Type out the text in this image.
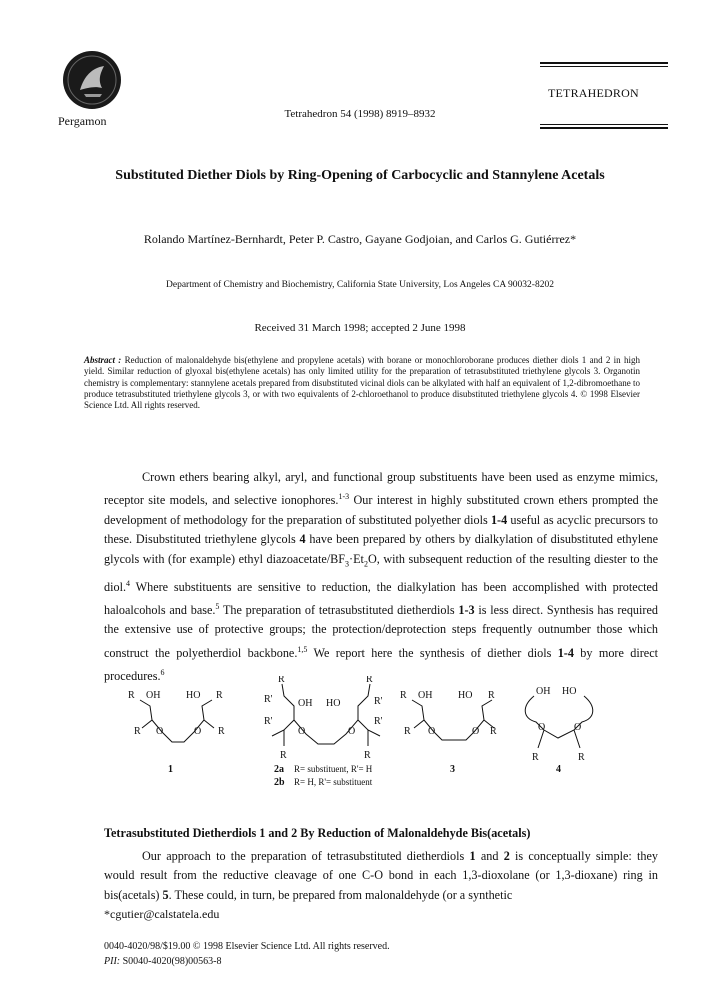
Pergamon	Tetrahedron 54 (1998) 8919–8932
TETRAHEDRON
Substituted Diether Diols by Ring-Opening of Carbocyclic and Stannylene Acetals
Rolando Martínez-Bernhardt, Peter P. Castro, Gayane Godjoian, and Carlos G. Gutiérrez*
Department of Chemistry and Biochemistry, California State University, Los Angeles CA 90032-8202
Received 31 March 1998; accepted 2 June 1998
Abstract : Reduction of malonaldehyde bis(ethylene and propylene acetals) with borane or monochloroborane produces diether diols 1 and 2 in high yield. Similar reduction of glyoxal bis(ethylene acetals) has only limited utility for the preparation of tetrasubstituted triethylene glycols 3. Organotin chemistry is complementary: stannylene acetals prepared from disubstituted vicinal diols can be alkylated with half an equivalent of 1,2-dibromoethane to produce tetrasubstituted triethylene glycols 3, or with two equivalents of 2-chloroethanol to produce disubstituted triethylene glycols 4. © 1998 Elsevier Science Ltd. All rights reserved.
Crown ethers bearing alkyl, aryl, and functional group substituents have been used as enzyme mimics, receptor site models, and selective ionophores.$^{1-3}$ Our interest in highly substituted crown ethers prompted the development of methodology for the preparation of substituted polyether diols 1-4 useful as acyclic precursors to these. Disubstituted triethylene glycols 4 have been prepared by others by dialkylation of disubstituted ethylene glycols with (for example) ethyl diazoacetate/$BF_3\cdot Et_2O$, with subsequent reduction of the resulting diester to the diol.$^4$ Where substituents are sensitive to reduction, the dialkylation has been accomplished with protected haloalcohols and base.$^5$ The preparation of tetrasubstituted dietherdiols 1-3 is less direct. Synthesis has required the extensive use of protective groups; the protection/deprotection steps frequently outnumber those which construct the polyetherdiol backbone.$^{1,5}$ We report here the synthesis of diether diols 1-4 by more direct procedures.$^6$
R OH	HO R
R O	O R
1
R	R
R'	OH HO	R'
R'	R'
O	O
R	R
2a R= substituent, R'= H
2b R= H, R'= substituent
R OH	HO R
R O	O R
3
OH HO
O	O
R	R
4
Tetrasubstituted Dietherdiols 1 and 2 By Reduction of Malonaldehyde Bis(acetals)
Our approach to the preparation of tetrasubstituted dietherdiols 1 and 2 is conceptually simple: they would result from the reductive cleavage of one C-O bond in each 1,3-dioxolane (or 1,3-dioxane) ring in bis(acetals) 5. These could, in turn, be prepared from malonaldehyde (or a synthetic
*cgutier@calstatela.edu
0040-4020/98/$19.00 © 1998 Elsevier Science Ltd. All rights reserved.
PII: S0040-4020(98)00563-8
